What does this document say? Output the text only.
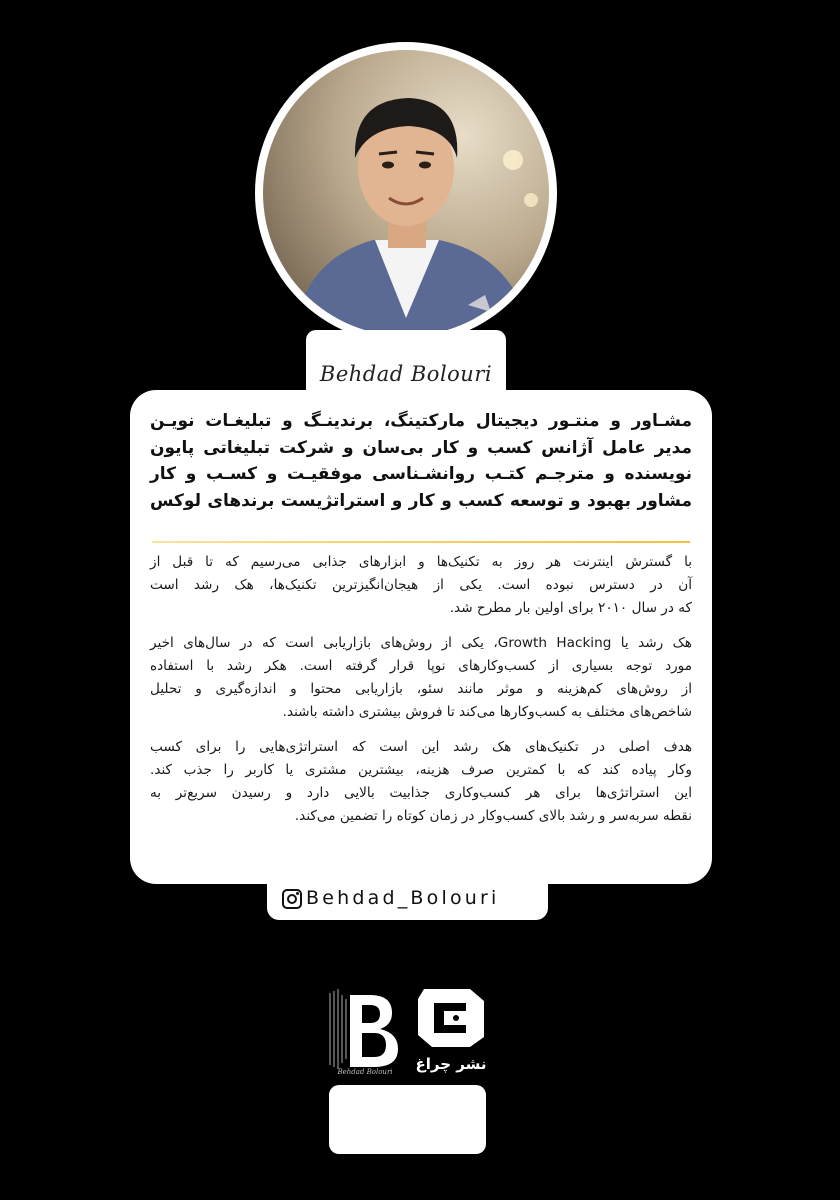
Behdad Bolouri
مشـاور و منتـور دیجیتال مارکتینگ، برندینـگ و تبلیغـات نویـن
مدیر عامل آژانس کسب و کار بی‌سان و شرکت تبلیغاتی پایون
نویسنده و مترجـم کتـب روانشـناسی موفقیـت و کسـب و کار
مشاور بهبود و توسعه کسب و کار و استراتژیست برندهای لوکس
با گسترش اینترنت هر روز به تکنیک‌ها و ابزارهای جذابی می‌رسیم که تا قبل از
آن در دسترس نبوده است. یکی از هیجان‌انگیزترین تکنیک‌ها، هک رشد است
که در سال ۲۰۱۰ برای اولین بار مطرح شد.
هک رشد یا Growth Hacking، یکی از روش‌های بازاریابی است که در سال‌های اخیر
مورد توجه بسیاری از کسب‌وکارهای نوپا قرار گرفته است. هکر رشد با استفاده
از روش‌های کم‌هزینه و موثر مانند سئو، بازاریابی محتوا و اندازه‌گیری و تحلیل
شاخص‌های مختلف به کسب‌وکارها می‌کند تا فروش بیشتری داشته باشند.
هدف اصلی در تکنیک‌های هک رشد این است که استراتژی‌هایی را برای کسب
وکار پیاده کند که با کمترین صرف هزینه، بیشترین مشتری یا کاربر را جذب کند.
این استراتژی‌ها برای هر کسب‌وکاری جذابیت بالایی دارد و رسیدن سریع‌تر به
نقطه سربه‌سر و رشد بالای کسب‌وکار در زمان کوتاه را تضمین می‌کند.
Behdad_Bolouri
Behdad Bolouri	نشر چراغ
